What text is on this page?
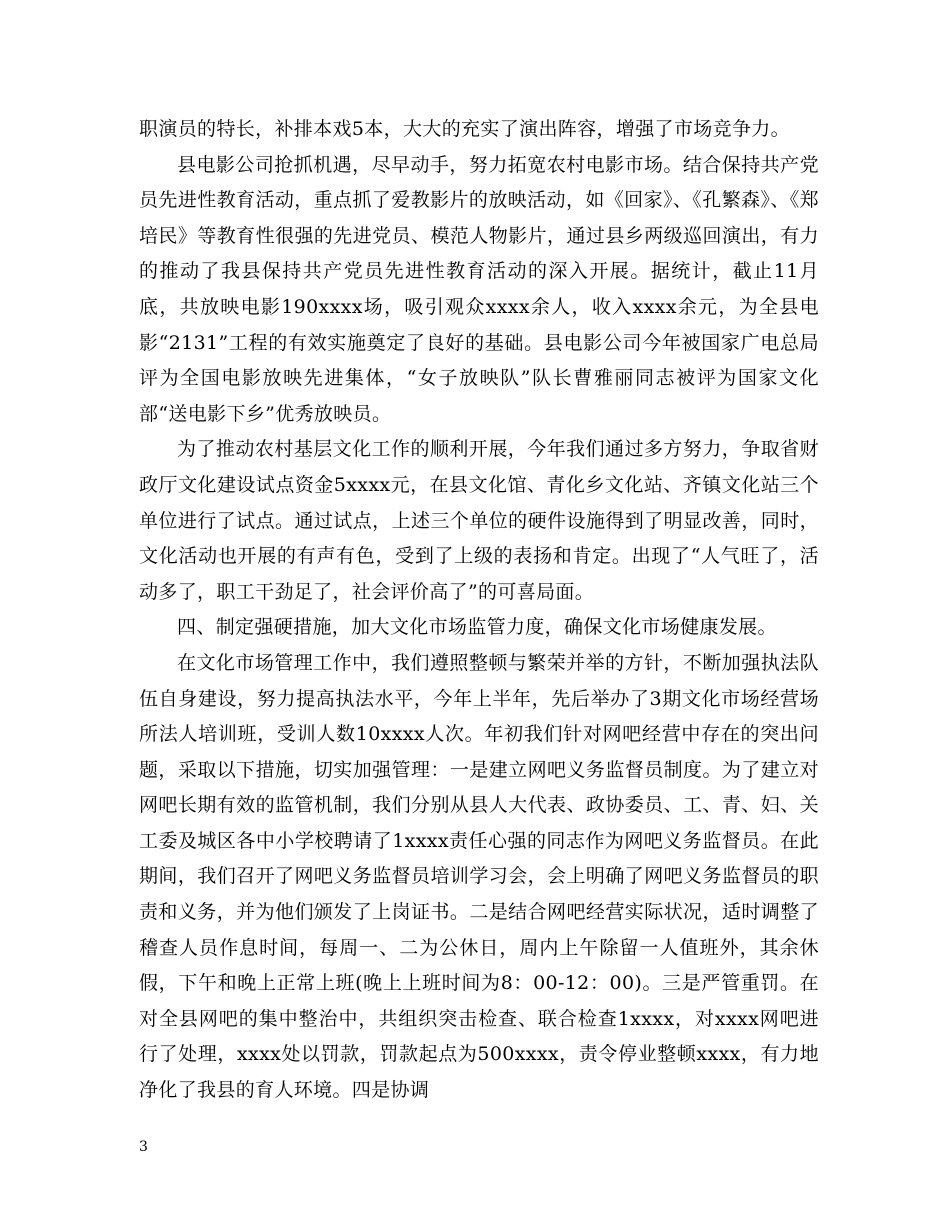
职演员的特长，补排本戏5本，大大的充实了演出阵容，增强了市场竞争力。

县电影公司抢抓机遇，尽早动手，努力拓宽农村电影市场。结合保持共产党员先进性教育活动，重点抓了爱教影片的放映活动，如《回家》、《孔繁森》、《郑培民》等教育性很强的先进党员、模范人物影片，通过县乡两级巡回演出，有力的推动了我县保持共产党员先进性教育活动的深入开展。据统计，截止11月底，共放映电影190xxxx场，吸引观众xxxx余人，收入xxxx余元，为全县电影“2131”工程的有效实施奠定了良好的基础。县电影公司今年被国家广电总局评为全国电影放映先进集体，“女子放映队”队长曹雅丽同志被评为国家文化部“送电影下乡”优秀放映员。

为了推动农村基层文化工作的顺利开展，今年我们通过多方努力，争取省财政厅文化建设试点资金5xxxx元，在县文化馆、青化乡文化站、齐镇文化站三个单位进行了试点。通过试点，上述三个单位的硬件设施得到了明显改善，同时，文化活动也开展的有声有色，受到了上级的表扬和肯定。出现了“人气旺了，活动多了，职工干劲足了，社会评价高了”的可喜局面。

四、制定强硬措施，加大文化市场监管力度，确保文化市场健康发展。

在文化市场管理工作中，我们遵照整顿与繁荣并举的方针，不断加强执法队伍自身建设，努力提高执法水平，今年上半年，先后举办了3期文化市场经营场所法人培训班，受训人数10xxxx人次。年初我们针对网吧经营中存在的突出问题，采取以下措施，切实加强管理：一是建立网吧义务监督员制度。为了建立对网吧长期有效的监管机制，我们分别从县人大代表、政协委员、工、青、妇、关工委及城区各中小学校聘请了1xxxx责任心强的同志作为网吧义务监督员。在此期间，我们召开了网吧义务监督员培训学习会，会上明确了网吧义务监督员的职责和义务，并为他们颁发了上岗证书。二是结合网吧经营实际状况，适时调整了稽查人员作息时间，每周一、二为公休日，周内上午除留一人值班外，其余休假，下午和晚上正常上班(晚上上班时间为8：00-12：00)。三是严管重罚。在对全县网吧的集中整治中，共组织突击检查、联合检查1xxxx，对xxxx网吧进行了处理，xxxx处以罚款，罚款起点为500xxxx，责令停业整顿xxxx，有力地净化了我县的育人环境。四是协调

3
